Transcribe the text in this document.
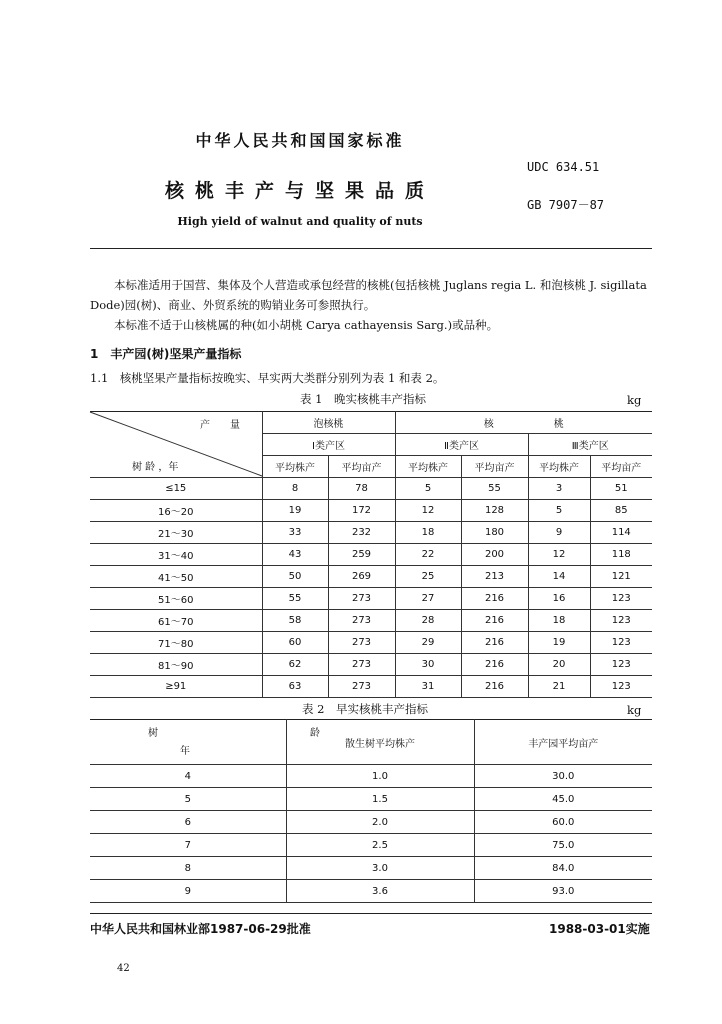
中华人民共和国国家标准
UDC 634.51
核桃丰产与坚果品质
GB 7907－87
High yield of walnut and quality of nuts

本标准适用于国营、集体及个人营造或承包经营的核桃(包括核桃 Juglans regia L. 和泡核桃 J. sigillata Dode)园(树)、商业、外贸系统的购销业务可参照执行。

本标准不适于山核桃属的种(如小胡桃 Carya cathayensis Sarg.)或品种。

1　丰产园(树)坚果产量指标
1.1　核桃坚果产量指标按晚实、早实两大类群分别列为表 1 和表 2。
表 1　晚实核桃丰产指标	kg
产　　量
树 龄 ，年	泡核桃		核　　　　　　桃			
	Ⅰ类产区		Ⅱ类产区		Ⅲ类产区	
	平均株产	平均亩产	平均株产	平均亩产	平均株产	平均亩产
≤15	8	78	5	55	3	51
16～20	19	172	12	128	5	85
21～30	33	232	18	180	9	114
31～40	43	259	22	200	12	118
41～50	50	269	25	213	14	121
51～60	55	273	27	216	16	123
61～70	58	273	28	216	18	123
71～80	60	273	29	216	19	123
81～90	62	273	30	216	20	123
≥91	63	273	31	216	21	123
表 2　早实核桃丰产指标	kg
树　　龄
年	散生树平均株产	丰产园平均亩产
4	1.0	30.0
5	1.5	45.0
6	2.0	60.0
7	2.5	75.0
8	3.0	84.0
9	3.6	93.0
中华人民共和国林业部1987-06-29批准	1988-03-01实施
42
